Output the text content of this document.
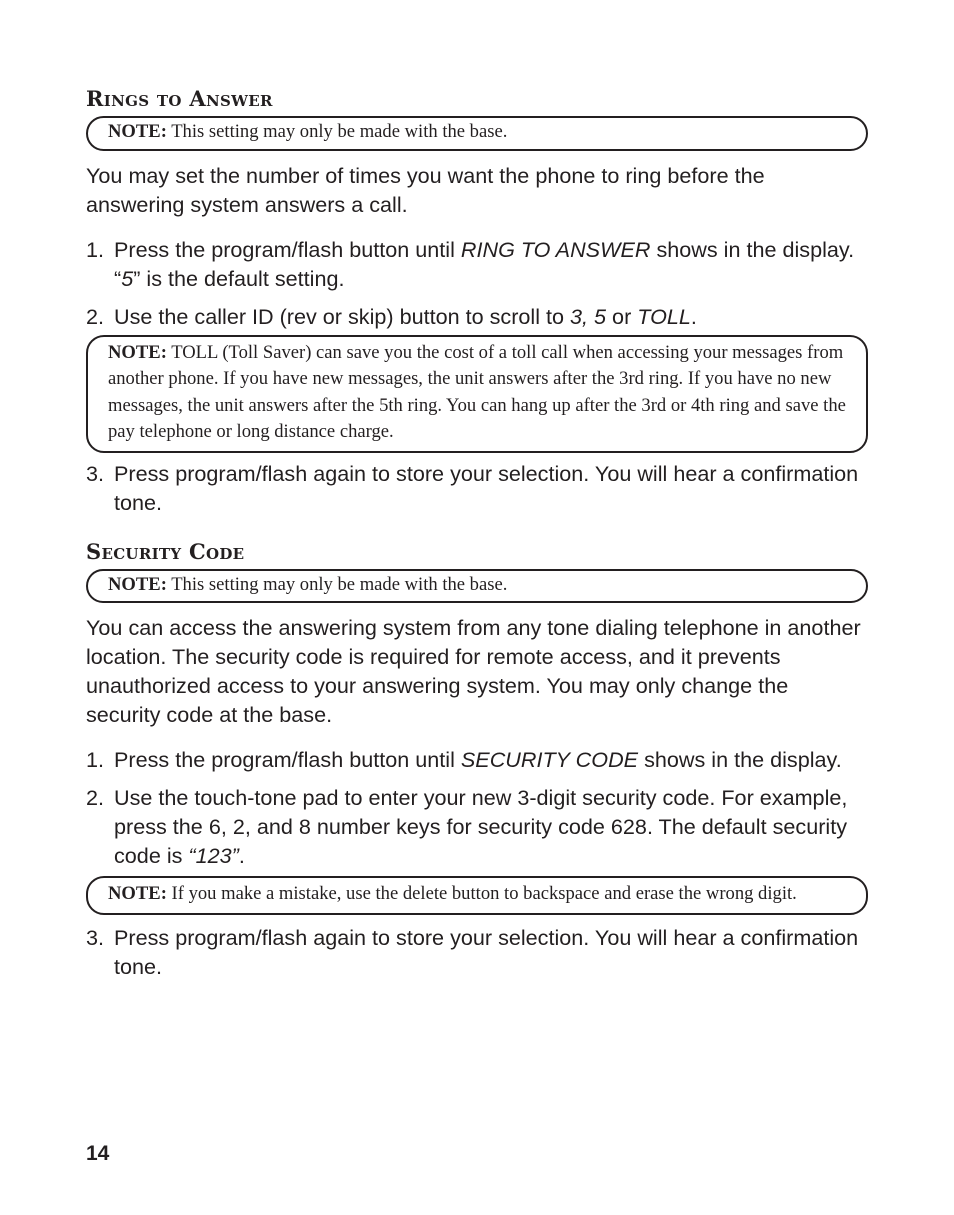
Rings to Answer
NOTE: This setting may only be made with the base.

You may set the number of times you want the phone to ring before the answering system answers a call.

1. Press the program/flash button until RING TO ANSWER shows in the display. “5” is the default setting.
2. Use the caller ID (rev or skip) button to scroll to 3, 5 or TOLL.
NOTE: TOLL (Toll Saver) can save you the cost of a toll call when accessing your messages from another phone. If you have new messages, the unit answers after the 3rd ring. If you have no new messages, the unit answers after the 5th ring. You can hang up after the 3rd or 4th ring and save the pay telephone or long distance charge.
3. Press program/flash again to store your selection. You will hear a confirmation tone.
Security Code
NOTE: This setting may only be made with the base.

You can access the answering system from any tone dialing telephone in another location. The security code is required for remote access, and it prevents unauthorized access to your answering system. You may only change the security code at the base.

1. Press the program/flash button until SECURITY CODE shows in the display.
2. Use the touch-tone pad to enter your new 3-digit security code. For example, press the 6, 2, and 8 number keys for security code 628. The default security code is “123”.
NOTE: If you make a mistake, use the delete button to backspace and erase the wrong digit.
3. Press program/flash again to store your selection. You will hear a confirmation tone.
14
